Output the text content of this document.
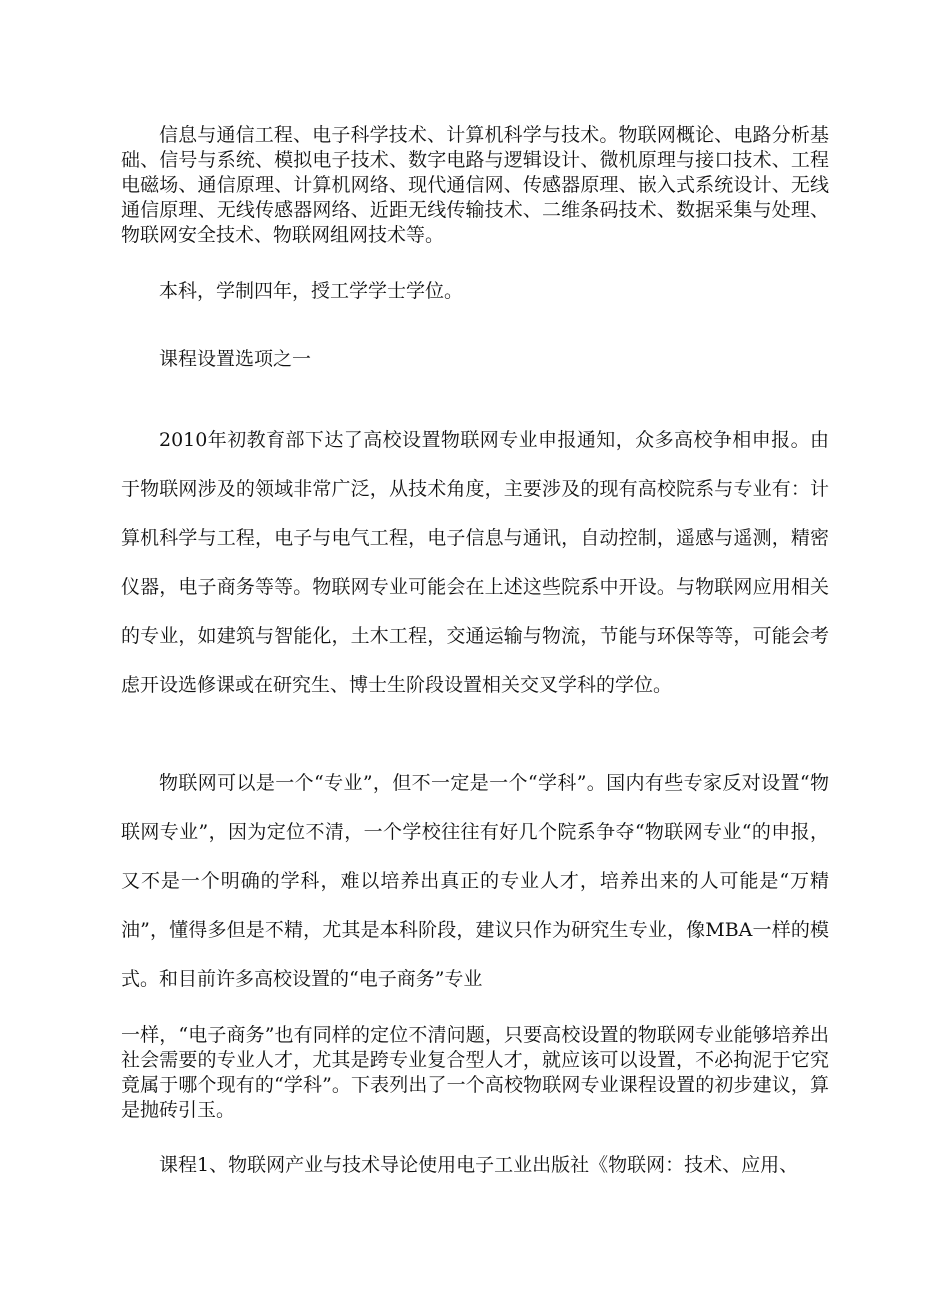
信息与通信工程、电子科学技术、计算机科学与技术。物联网概论、电路分析基础、信号与系统、模拟电子技术、数字电路与逻辑设计、微机原理与接口技术、工程电磁场、通信原理、计算机网络、现代通信网、传感器原理、嵌入式系统设计、无线通信原理、无线传感器网络、近距无线传输技术、二维条码技术、数据采集与处理、物联网安全技术、物联网组网技术等。

本科，学制四年，授工学学士学位。

课程设置选项之一

2010年初教育部下达了高校设置物联网专业申报通知，众多高校争相申报。由于物联网涉及的领域非常广泛，从技术角度，主要涉及的现有高校院系与专业有：计算机科学与工程，电子与电气工程，电子信息与通讯，自动控制，遥感与遥测，精密仪器，电子商务等等。物联网专业可能会在上述这些院系中开设。与物联网应用相关的专业，如建筑与智能化，土木工程，交通运输与物流，节能与环保等等，可能会考虑开设选修课或在研究生、博士生阶段设置相关交叉学科的学位。

物联网可以是一个“专业”，但不一定是一个“学科”。国内有些专家反对设置“物联网专业”，因为定位不清，一个学校往往有好几个院系争夺“物联网专业“的申报，又不是一个明确的学科，难以培养出真正的专业人才，培养出来的人可能是“万精油”，懂得多但是不精，尤其是本科阶段，建议只作为研究生专业，像MBA一样的模式。和目前许多高校设置的“电子商务”专业

一样，“电子商务”也有同样的定位不清问题，只要高校设置的物联网专业能够培养出社会需要的专业人才，尤其是跨专业复合型人才，就应该可以设置，不必拘泥于它究竟属于哪个现有的“学科”。下表列出了一个高校物联网专业课程设置的初步建议，算是抛砖引玉。

课程1、物联网产业与技术导论使用电子工业出版社《物联网：技术、应用、
